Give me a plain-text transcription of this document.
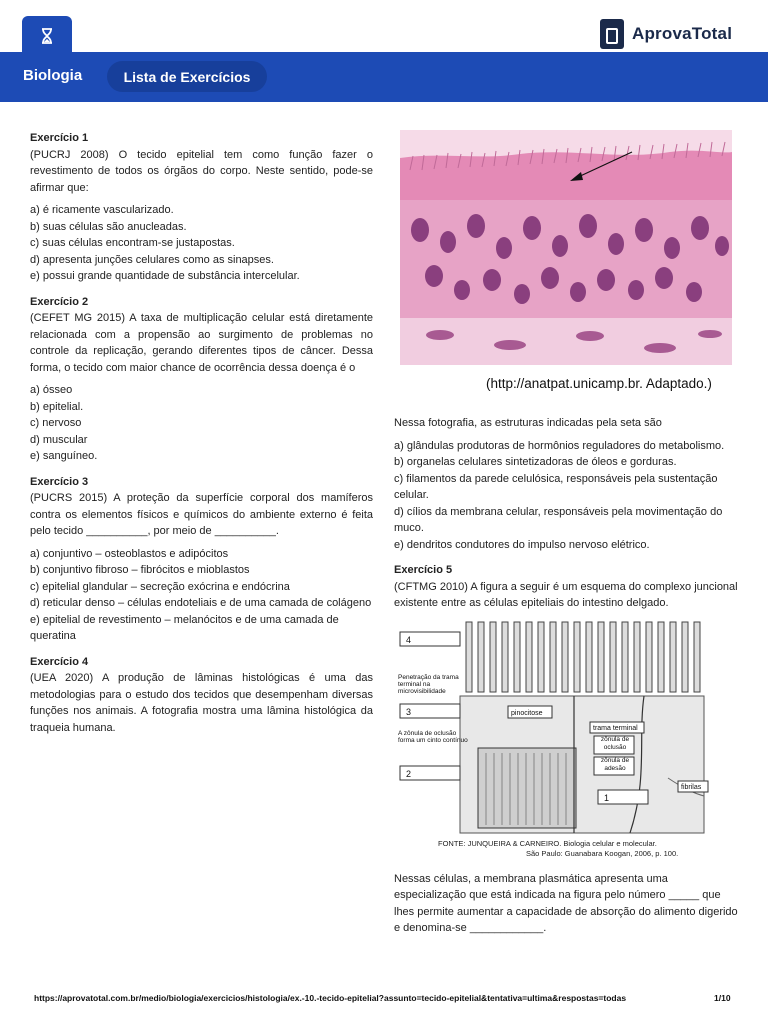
Biologia	Lista de Exercícios
AprovaTotal
Exercício 1
(PUCRJ 2008) O tecido epitelial tem como função fazer o revestimento de todos os órgãos do corpo. Neste sentido, pode-se afirmar que:
a) é ricamente vascularizado.
b) suas células são anucleadas.
c) suas células encontram-se justapostas.
d) apresenta junções celulares como as sinapses.
e) possui grande quantidade de substância intercelular.
Exercício 2
(CEFET MG 2015) A taxa de multiplicação celular está diretamente relacionada com a propensão ao surgimento de problemas no controle da replicação, gerando diferentes tipos de câncer. Dessa forma, o tecido com maior chance de ocorrência dessa doença é o
a) ósseo
b) epitelial.
c) nervoso
d) muscular
e) sanguíneo.
Exercício 3
(PUCRS 2015) A proteção da superfície corporal dos mamíferos contra os elementos físicos e químicos do ambiente externo é feita pelo tecido __________, por meio de __________.
a) conjuntivo – osteoblastos e adipócitos
b) conjuntivo fibroso – fibrócitos e mioblastos
c) epitelial glandular – secreção exócrina e endócrina
d) reticular denso – células endoteliais e de uma camada de colágeno
e) epitelial de revestimento – melanócitos e de uma camada de queratina
Exercício 4
(UEA 2020) A produção de lâminas histológicas é uma das metodologias para o estudo dos tecidos que desempenham diversas funções nos animais. A fotografia mostra uma lâmina histológica da traqueia humana.
(http://anatpat.unicamp.br. Adaptado.)
Nessa fotografia, as estruturas indicadas pela seta são
a) glândulas produtoras de hormônios reguladores do metabolismo.
b) organelas celulares sintetizadoras de óleos e gorduras.
c) filamentos da parede celulósica, responsáveis pela sustentação celular.
d) cílios da membrana celular, responsáveis pela movimentação do muco.
e) dendritos condutores do impulso nervoso elétrico.
Exercício 5
(CFTMG 2010) A figura a seguir é um esquema do complexo juncional existente entre as células epiteliais do intestino delgado.
4
3
2
1
Penetração da trama terminal na microvisibilidade
A zônula de oclusão forma um cinto contínuo
pinocitose
trama terminal
zônula de oclusão
zônula de adesão
fibrilas
FONTE: JUNQUEIRA & CARNEIRO. Biologia celular e molecular.
São Paulo: Guanabara Koogan, 2006, p. 100.
Nessas células, a membrana plasmática apresenta uma especialização que está indicada na figura pelo número _____ que lhes permite aumentar a capacidade de absorção do alimento digerido e denomina-se ____________.
https://aprovatotal.com.br/medio/biologia/exercicios/histologia/ex.-10.-tecido-epitelial?assunto=tecido-epitelial&tentativa=ultima&respostas=todas	1/10
